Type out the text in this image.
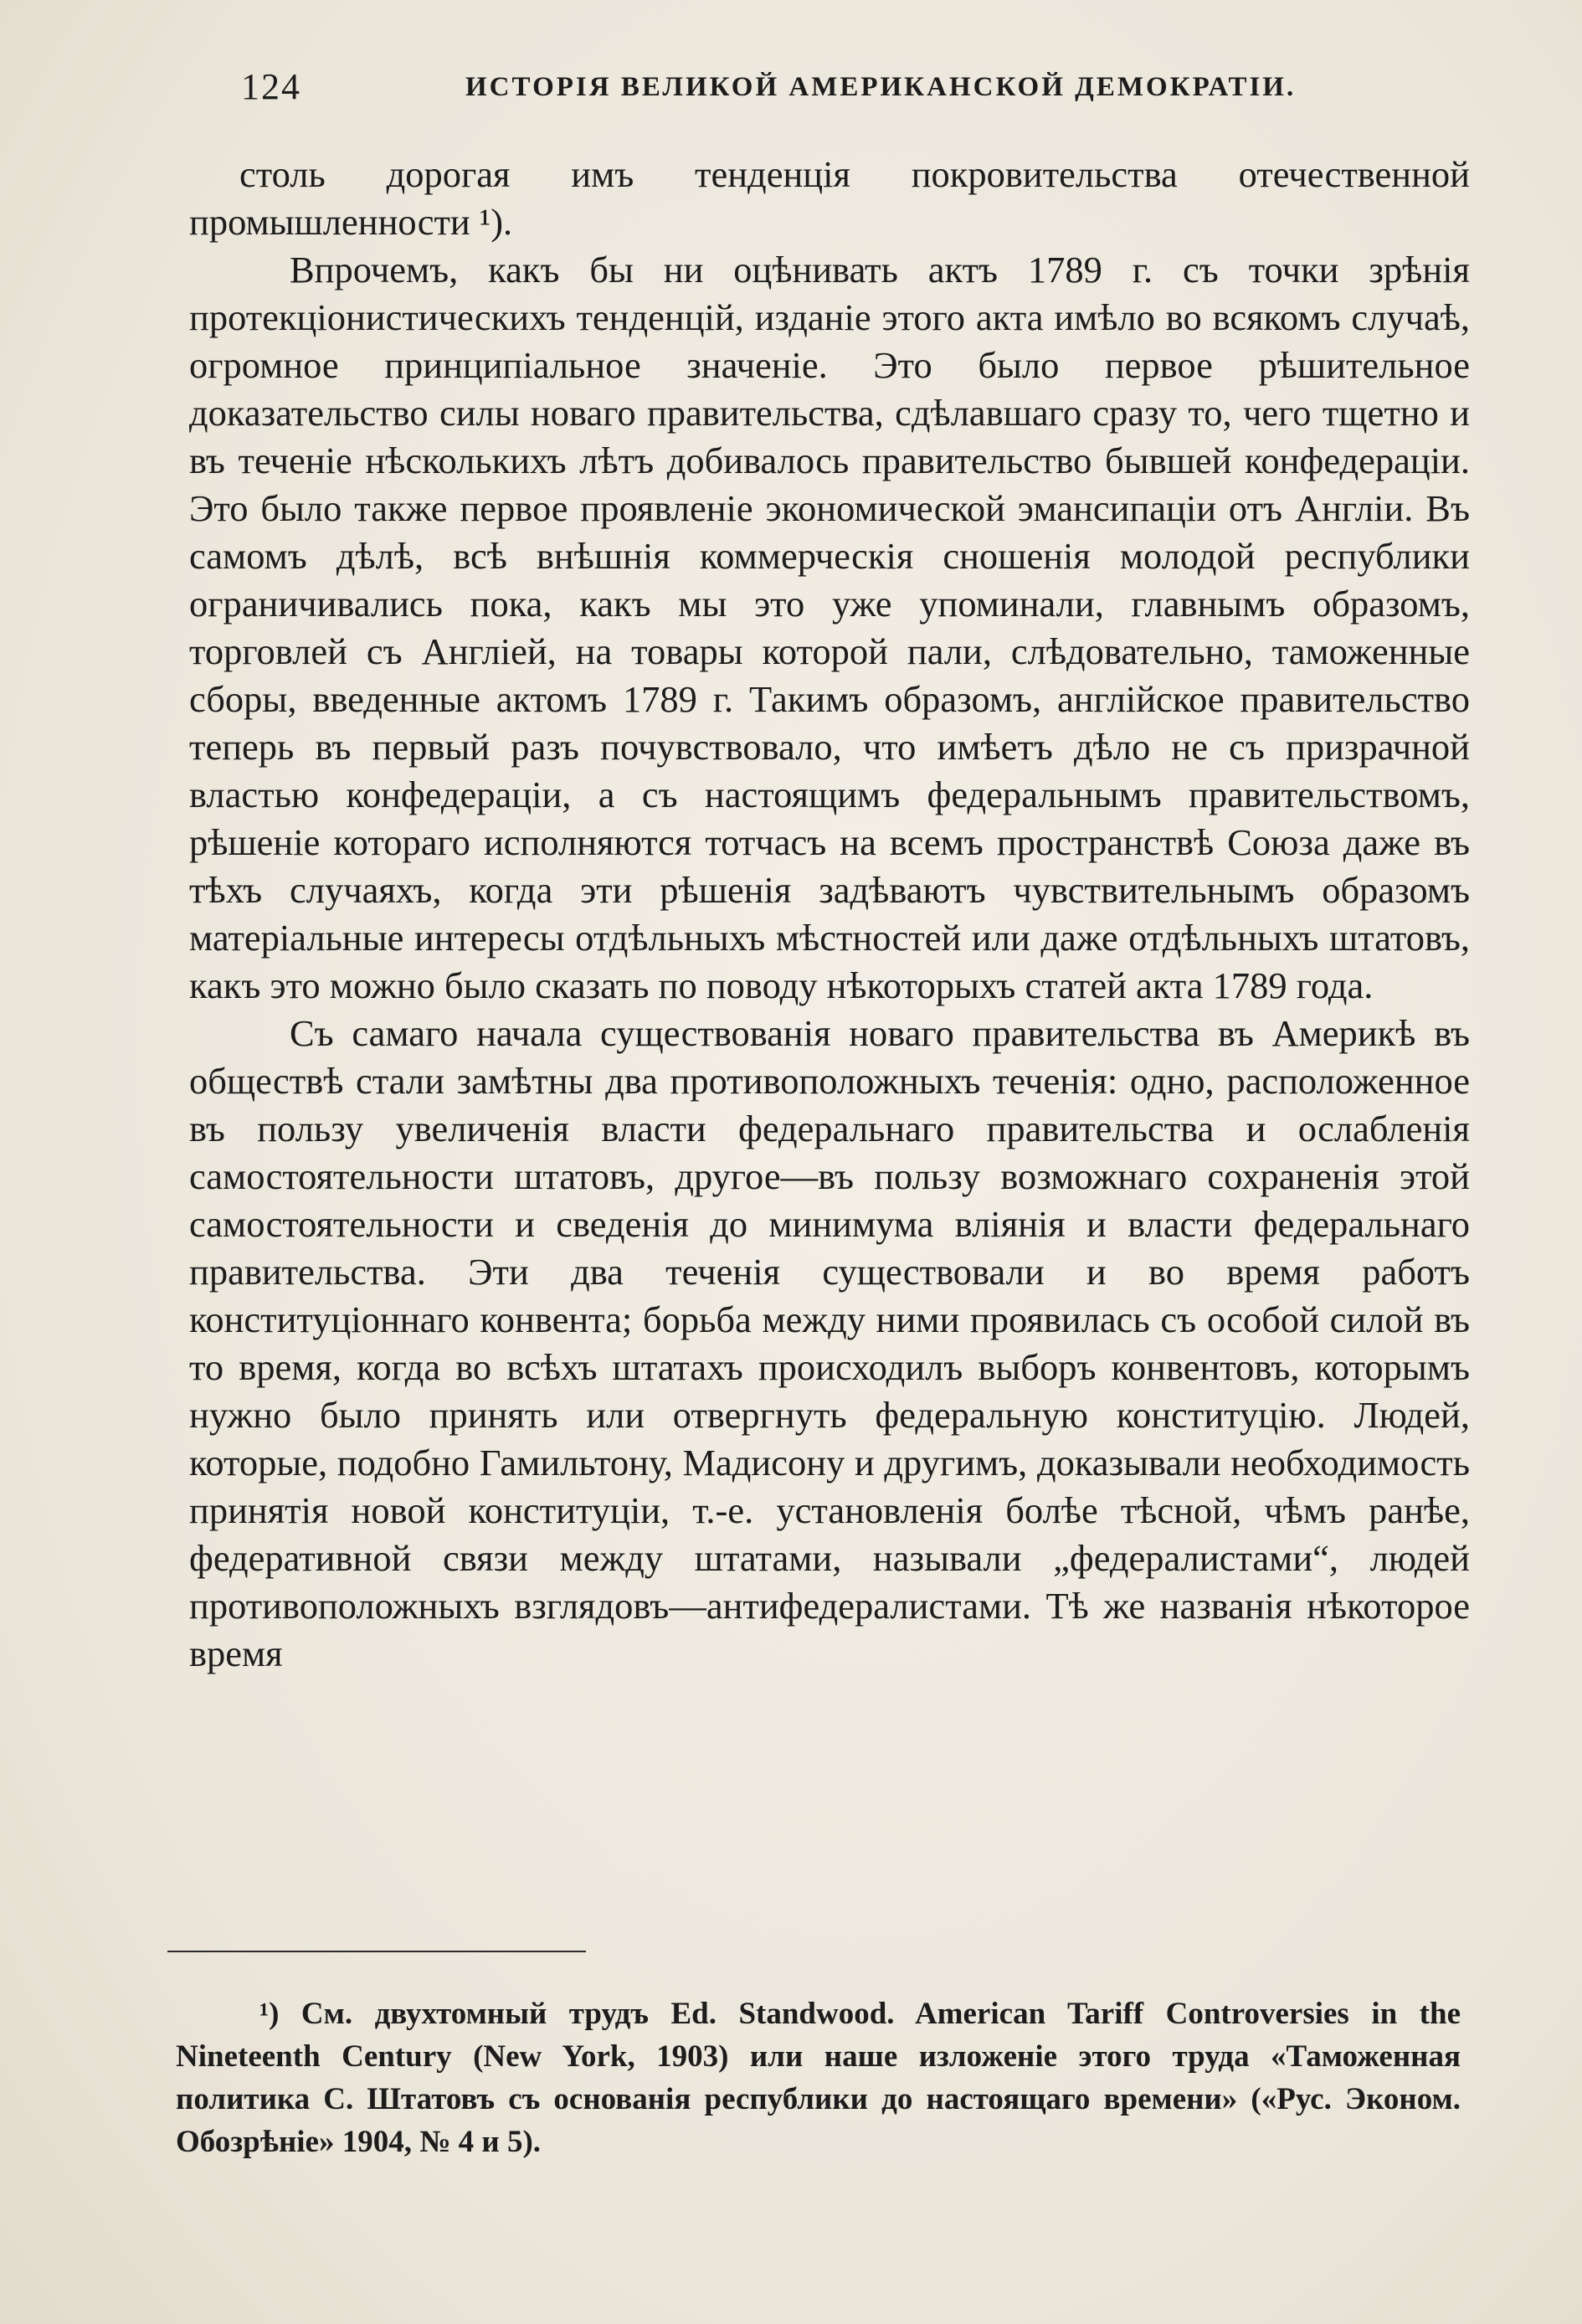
124	ИСТОРІЯ ВЕЛИКОЙ АМЕРИКАНСКОЙ ДЕМОКРАТІИ.

столь дорогая имъ тенденція покровительства отечественной промышленности ¹).

Впрочемъ, какъ бы ни оцѣнивать актъ 1789 г. съ точки зрѣнія протекціонистическихъ тенденцій, изданіе этого акта имѣло во всякомъ случаѣ, огромное принципіальное значеніе. Это было первое рѣшительное доказательство силы новаго правительства, сдѣлавшаго сразу то, чего тщетно и въ теченіе нѣсколькихъ лѣтъ добивалось правительство бывшей конфедераціи. Это было также первое проявленіе экономической эмансипаціи отъ Англіи. Въ самомъ дѣлѣ, всѣ внѣшнія коммерческія сношенія молодой республики ограничивались пока, какъ мы это уже упоминали, главнымъ образомъ, торговлей съ Англіей, на товары которой пали, слѣдовательно, таможенные сборы, введенные актомъ 1789 г. Такимъ образомъ, англійское правительство теперь въ первый разъ почувствовало, что имѣетъ дѣло не съ призрачной властью конфедераціи, а съ настоящимъ федеральнымъ правительствомъ, рѣшеніе котораго исполняются тотчасъ на всемъ пространствѣ Союза даже въ тѣхъ случаяхъ, когда эти рѣшенія задѣваютъ чувствительнымъ образомъ матеріальные интересы отдѣльныхъ мѣстностей или даже отдѣльныхъ штатовъ, какъ это можно было сказать по поводу нѣкоторыхъ статей акта 1789 года.

Съ самаго начала существованія новаго правительства въ Америкѣ въ обществѣ стали замѣтны два противоположныхъ теченія: одно, расположенное въ пользу увеличенія власти федеральнаго правительства и ослабленія самостоятельности штатовъ, другое—въ пользу возможнаго сохраненія этой самостоятельности и сведенія до минимума вліянія и власти федеральнаго правительства. Эти два теченія существовали и во время работъ конституціоннаго конвента; борьба между ними проявилась съ особой силой въ то время, когда во всѣхъ штатахъ происходилъ выборъ конвентовъ, которымъ нужно было принять или отвергнуть федеральную конституцію. Людей, которые, подобно Гамильтону, Мадисону и другимъ, доказывали необходимость принятія новой конституціи, т.-е. установленія болѣе тѣсной, чѣмъ ранѣе, федеративной связи между штатами, называли „федералистами“, людей противоположныхъ взглядовъ—антифедералистами. Тѣ же названія нѣкоторое время

¹) См. двухтомный трудъ Ed. Standwood. American Tariff Controversies in the Nineteenth Century (New York, 1903) или наше изложеніе этого труда «Таможенная политика С. Штатовъ съ основанія республики до настоящаго времени» («Рус. Эконом. Обозрѣніе» 1904, № 4 и 5).
